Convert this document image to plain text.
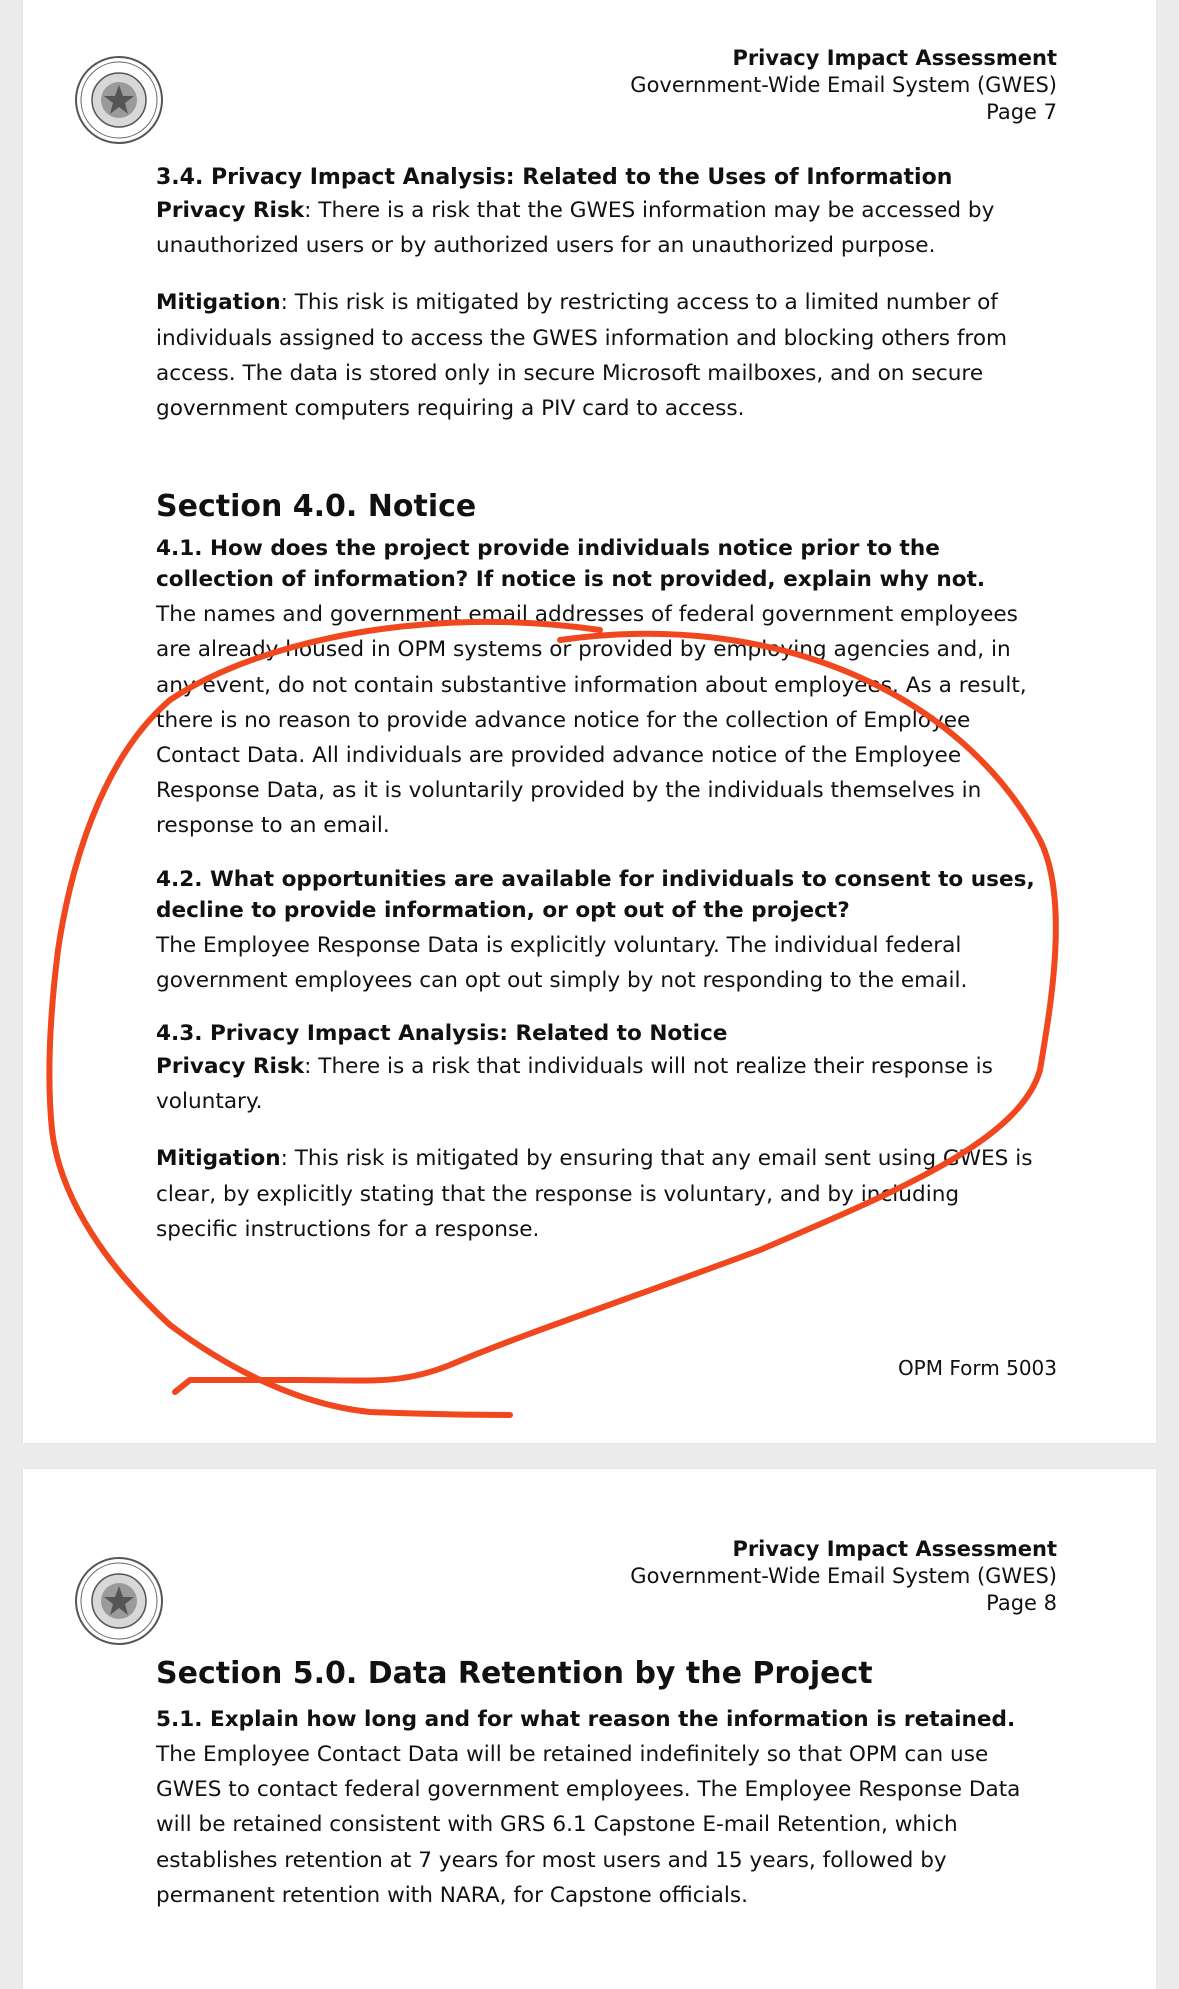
Privacy Impact Assessment
Government-Wide Email System (GWES)
Page 7

3.4. Privacy Impact Analysis: Related to the Uses of Information

Privacy Risk: There is a risk that the GWES information may be accessed by unauthorized users or by authorized users for an unauthorized purpose.

Mitigation: This risk is mitigated by restricting access to a limited number of individuals assigned to access the GWES information and blocking others from access. The data is stored only in secure Microsoft mailboxes, and on secure government computers requiring a PIV card to access.

Section 4.0. Notice

4.1. How does the project provide individuals notice prior to the collection of information? If notice is not provided, explain why not.

The names and government email addresses of federal government employees are already housed in OPM systems or provided by employing agencies and, in any event, do not contain substantive information about employees. As a result, there is no reason to provide advance notice for the collection of Employee Contact Data. All individuals are provided advance notice of the Employee Response Data, as it is voluntarily provided by the individuals themselves in response to an email.

4.2. What opportunities are available for individuals to consent to uses, decline to provide information, or opt out of the project?

The Employee Response Data is explicitly voluntary. The individual federal government employees can opt out simply by not responding to the email.

4.3. Privacy Impact Analysis: Related to Notice

Privacy Risk: There is a risk that individuals will not realize their response is voluntary.

Mitigation: This risk is mitigated by ensuring that any email sent using GWES is clear, by explicitly stating that the response is voluntary, and by including specific instructions for a response.

OPM Form 5003
Privacy Impact Assessment
Government-Wide Email System (GWES)
Page 8
Section 5.0. Data Retention by the Project

5.1. Explain how long and for what reason the information is retained.

The Employee Contact Data will be retained indefinitely so that OPM can use GWES to contact federal government employees. The Employee Response Data will be retained consistent with GRS 6.1 Capstone E-mail Retention, which establishes retention at 7 years for most users and 15 years, followed by permanent retention with NARA, for Capstone officials.
